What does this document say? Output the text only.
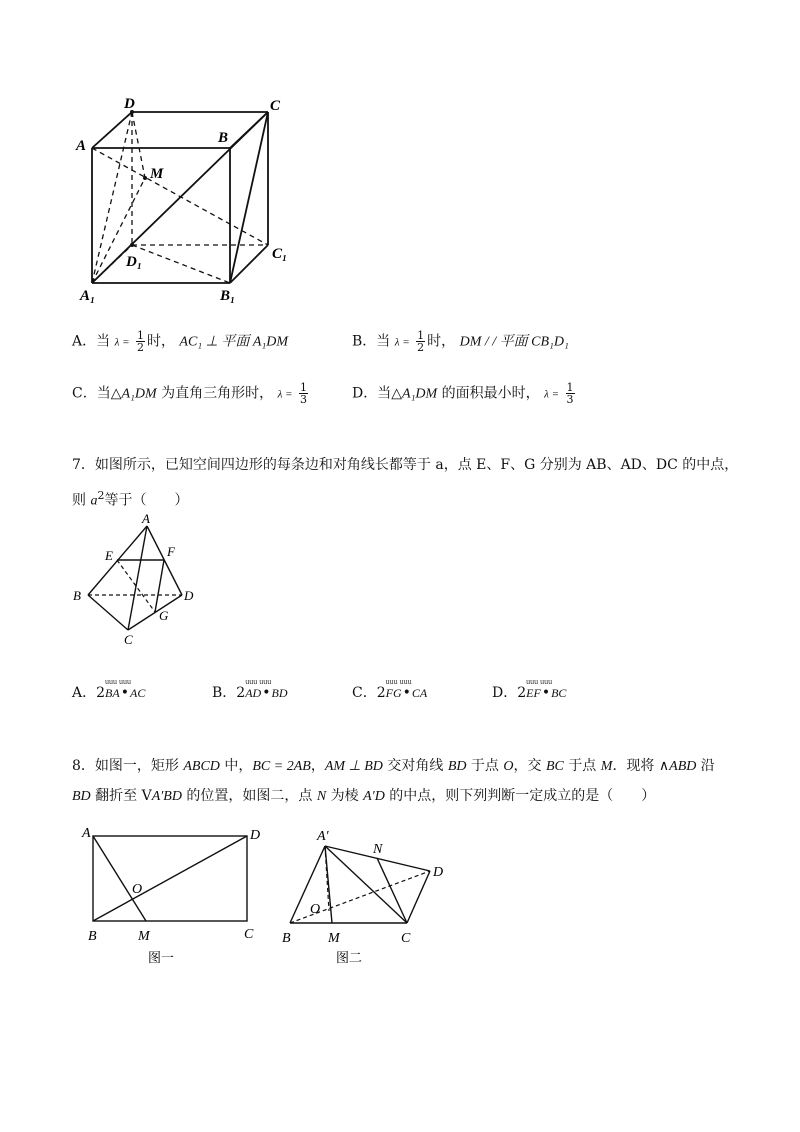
D	C
A	B
M
D₁	C₁
A₁	B₁
A．当 $\lambda = \frac{1}{2}$ 时， AC₁ ⊥ 平面 A₁DM	B．当 $\lambda = \frac{1}{2}$ 时， DM / / 平面 CB₁D₁
C．当△A₁DM 为直角三角形时， $\lambda = \frac{1}{3}$	D．当△A₁DM 的面积最小时， $\lambda = \frac{1}{3}$
7．如图所示，已知空间四边形的每条边和对角线长都等于 a，点 E、F、G 分别为 AB、AD、DC 的中点，
则 $a^2$等于（　　）
A
E	F
B	D
G
C
A．2
uuu uuu
BA•AC	B．2
uuu uuu
AD•BD	C．2
uuu uuu
FG•CA	D．2
uuu uuu
EF•BC
8．如图一，矩形 ABCD 中，BC = 2AB，AM ⊥ BD 交对角线 BD 于点 O，交 BC 于点 M．现将 ∧ABD 沿
BD 翻折至 VA′BD 的位置，如图二，点 N 为棱 A′D 的中点，则下列判断一定成立的是（　　）
A	D
O
B	M	C
图一
A′
N
D
O
B	M	C
图二
